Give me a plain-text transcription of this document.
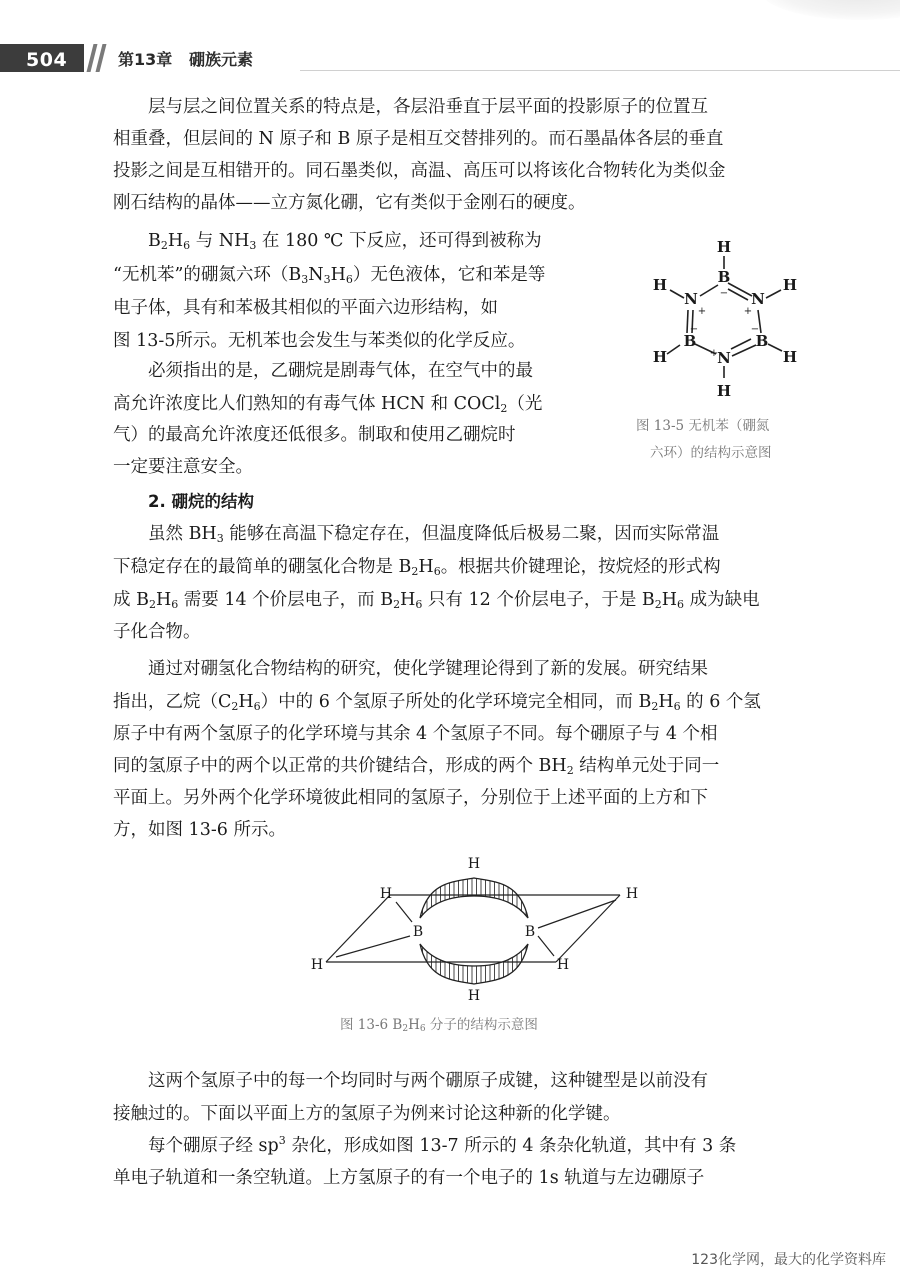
504	第13章   硼族元素

层与层之间位置关系的特点是，各层沿垂直于层平面的投影原子的位置互

相重叠，但层间的 N 原子和 B 原子是相互交替排列的。而石墨晶体各层的垂直

投影之间是互相错开的。同石墨类似，高温、高压可以将该化合物转化为类似金

刚石结构的晶体——立方氮化硼，它有类似于金刚石的硬度。

$B_2H_6$ 与 $NH_3$ 在 180 ℃ 下反应，还可得到被称为

“无机苯”的硼氮六环$(B_3N_3H_6)$无色液体，它和苯是等

电子体，具有和苯极其相似的平面六边形结构，如

图 13-5所示。无机苯也会发生与苯类似的化学反应。

必须指出的是，乙硼烷是剧毒气体，在空气中的最

高允许浓度比人们熟知的有毒气体 HCN 和 COCl$_2$（光

气）的最高允许浓度还低很多。制取和使用乙硼烷时

一定要注意安全。

H
B
H
N	N
H
B	B
H	H
N
H
−
+	+
−	−
+

图 13-5 无机苯（硼氮

六环）的结构示意图

2. 硼烷的结构

虽然 $BH_3$ 能够在高温下稳定存在，但温度降低后极易二聚，因而实际常温

下稳定存在的最简单的硼氢化合物是 $B_2H_6$。根据共价键理论，按烷烃的形式构

成 $B_2H_6$ 需要 14 个价层电子，而 $B_2H_6$ 只有 12 个价层电子，于是 $B_2H_6$ 成为缺电

子化合物。

通过对硼氢化合物结构的研究，使化学键理论得到了新的发展。研究结果

指出，乙烷$(C_2H_6)$中的 6 个氢原子所处的化学环境完全相同，而 $B_2H_6$ 的 6 个氢

原子中有两个氢原子的化学环境与其余 4 个氢原子不同。每个硼原子与 4 个相

同的氢原子中的两个以正常的共价键结合，形成的两个 $BH_2$ 结构单元处于同一

平面上。另外两个化学环境彼此相同的氢原子，分别位于上述平面的上方和下

方，如图 13-6 所示。

H
H	H
B	B
H	H
H

图 13-6 $B_2H_6$ 分子的结构示意图

这两个氢原子中的每一个均同时与两个硼原子成键，这种键型是以前没有

接触过的。下面以平面上方的氢原子为例来讨论这种新的化学键。

每个硼原子经 $sp^3$ 杂化，形成如图 13-7 所示的 4 条杂化轨道，其中有 3 条

单电子轨道和一条空轨道。上方氢原子的有一个电子的 1s 轨道与左边硼原子

123化学网，最大的化学资料库
